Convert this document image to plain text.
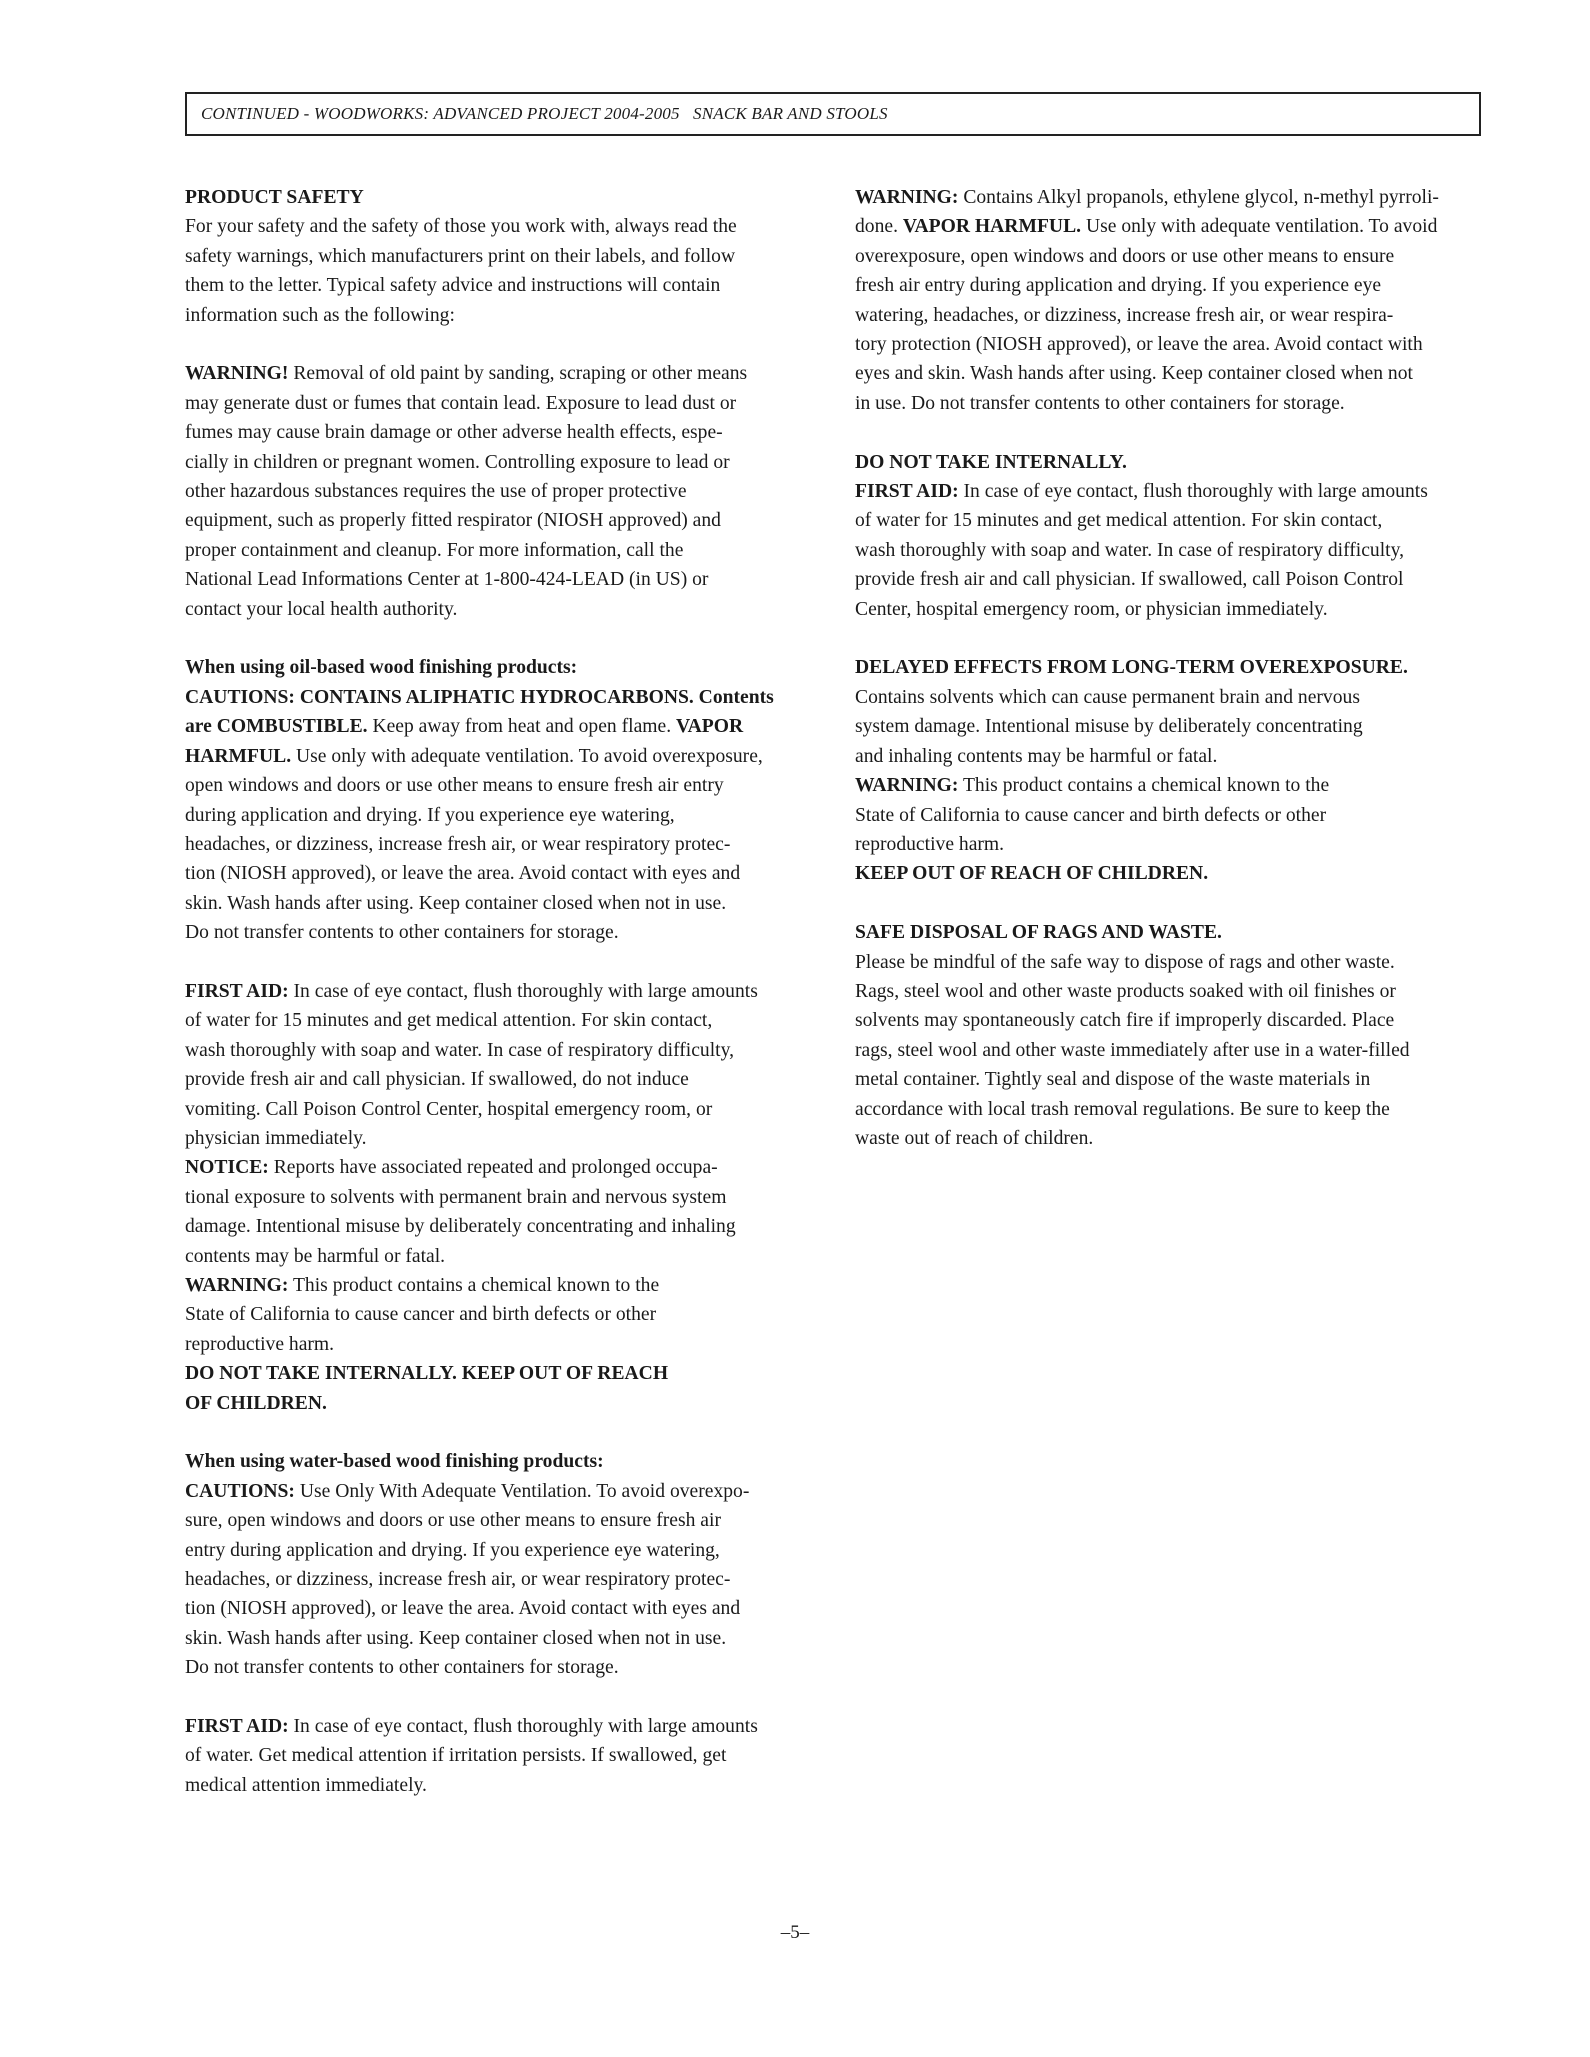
CONTINUED - WOODWORKS: ADVANCED PROJECT 2004-2005   SNACK BAR AND STOOLS
PRODUCT SAFETY
For your safety and the safety of those you work with, always read the
safety warnings, which manufacturers print on their labels, and follow
them to the letter. Typical safety advice and instructions will contain
information such as the following:
WARNING! Removal of old paint by sanding, scraping or other means
may generate dust or fumes that contain lead. Exposure to lead dust or
fumes may cause brain damage or other adverse health effects, espe-
cially in children or pregnant women. Controlling exposure to lead or
other hazardous substances requires the use of proper protective
equipment, such as properly fitted respirator (NIOSH approved) and
proper containment and cleanup. For more information, call the
National Lead Informations Center at 1-800-424-LEAD (in US) or
contact your local health authority.
When using oil-based wood finishing products:
CAUTIONS: CONTAINS ALIPHATIC HYDROCARBONS. Contents
are COMBUSTIBLE. Keep away from heat and open flame. VAPOR
HARMFUL. Use only with adequate ventilation. To avoid overexposure,
open windows and doors or use other means to ensure fresh air entry
during application and drying. If you experience eye watering,
headaches, or dizziness, increase fresh air, or wear respiratory protec-
tion (NIOSH approved), or leave the area. Avoid contact with eyes and
skin. Wash hands after using. Keep container closed when not in use.
Do not transfer contents to other containers for storage.
FIRST AID: In case of eye contact, flush thoroughly with large amounts
of water for 15 minutes and get medical attention. For skin contact,
wash thoroughly with soap and water. In case of respiratory difficulty,
provide fresh air and call physician. If swallowed, do not induce
vomiting. Call Poison Control Center, hospital emergency room, or
physician immediately.
NOTICE: Reports have associated repeated and prolonged occupa-
tional exposure to solvents with permanent brain and nervous system
damage. Intentional misuse by deliberately concentrating and inhaling
contents may be harmful or fatal.
WARNING: This product contains a chemical known to the
State of California to cause cancer and birth defects or other
reproductive harm.
DO NOT TAKE INTERNALLY. KEEP OUT OF REACH
OF CHILDREN.
When using water-based wood finishing products:
CAUTIONS: Use Only With Adequate Ventilation. To avoid overexpo-
sure, open windows and doors or use other means to ensure fresh air
entry during application and drying. If you experience eye watering,
headaches, or dizziness, increase fresh air, or wear respiratory protec-
tion (NIOSH approved), or leave the area. Avoid contact with eyes and
skin. Wash hands after using. Keep container closed when not in use.
Do not transfer contents to other containers for storage.
FIRST AID: In case of eye contact, flush thoroughly with large amounts
of water. Get medical attention if irritation persists. If swallowed, get
medical attention immediately.
WARNING: Contains Alkyl propanols, ethylene glycol, n-methyl pyrroli-
done. VAPOR HARMFUL. Use only with adequate ventilation. To avoid
overexposure, open windows and doors or use other means to ensure
fresh air entry during application and drying. If you experience eye
watering, headaches, or dizziness, increase fresh air, or wear respira-
tory protection (NIOSH approved), or leave the area. Avoid contact with
eyes and skin. Wash hands after using. Keep container closed when not
in use. Do not transfer contents to other containers for storage.
DO NOT TAKE INTERNALLY.
FIRST AID: In case of eye contact, flush thoroughly with large amounts
of water for 15 minutes and get medical attention. For skin contact,
wash thoroughly with soap and water. In case of respiratory difficulty,
provide fresh air and call physician. If swallowed, call Poison Control
Center, hospital emergency room, or physician immediately.
DELAYED EFFECTS FROM LONG-TERM OVEREXPOSURE.
Contains solvents which can cause permanent brain and nervous
system damage. Intentional misuse by deliberately concentrating
and inhaling contents may be harmful or fatal.
WARNING: This product contains a chemical known to the
State of California to cause cancer and birth defects or other
reproductive harm.
KEEP OUT OF REACH OF CHILDREN.
SAFE DISPOSAL OF RAGS AND WASTE.
Please be mindful of the safe way to dispose of rags and other waste.
Rags, steel wool and other waste products soaked with oil finishes or
solvents may spontaneously catch fire if improperly discarded. Place
rags, steel wool and other waste immediately after use in a water-filled
metal container. Tightly seal and dispose of the waste materials in
accordance with local trash removal regulations. Be sure to keep the
waste out of reach of children.
–5–
